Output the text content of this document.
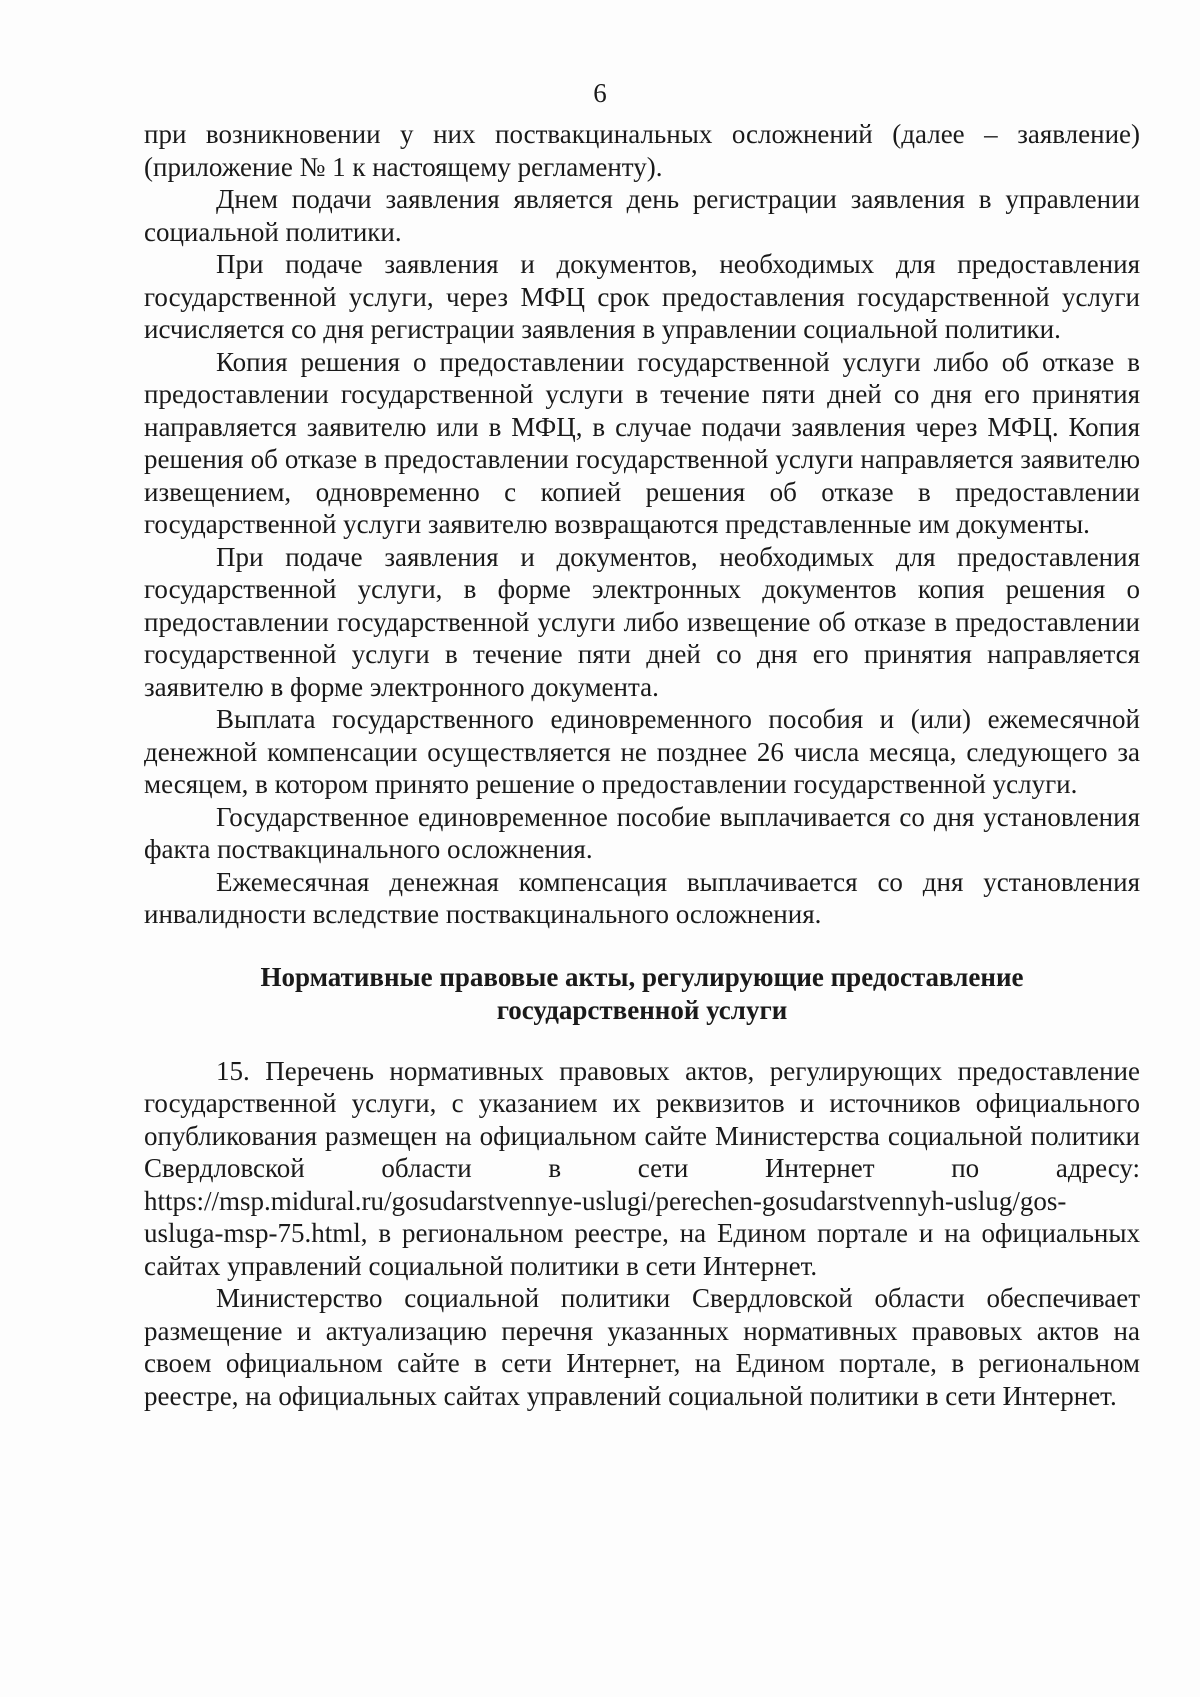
6

при возникновении у них поствакцинальных осложнений (далее – заявление) (приложение № 1 к настоящему регламенту).

Днем подачи заявления является день регистрации заявления в управлении социальной политики.

При подаче заявления и документов, необходимых для предоставления государственной услуги, через МФЦ срок предоставления государственной услуги исчисляется со дня регистрации заявления в управлении социальной политики.

Копия решения о предоставлении государственной услуги либо об отказе в предоставлении государственной услуги в течение пяти дней со дня его принятия направляется заявителю или в МФЦ, в случае подачи заявления через МФЦ. Копия решения об отказе в предоставлении государственной услуги направляется заявителю извещением, одновременно с копией решения об отказе в предоставлении государственной услуги заявителю возвращаются представленные им документы.

При подаче заявления и документов, необходимых для предоставления государственной услуги, в форме электронных документов копия решения о предоставлении государственной услуги либо извещение об отказе в предоставлении государственной услуги в течение пяти дней со дня его принятия направляется заявителю в форме электронного документа.

Выплата государственного единовременного пособия и (или) ежемесячной денежной компенсации осуществляется не позднее 26 числа месяца, следующего за месяцем, в котором принято решение о предоставлении государственной услуги.

Государственное единовременное пособие выплачивается со дня установления факта поствакцинального осложнения.

Ежемесячная денежная компенсация выплачивается со дня установления инвалидности вследствие поствакцинального осложнения.

Нормативные правовые акты, регулирующие предоставление
государственной услуги

15. Перечень нормативных правовых актов, регулирующих предоставление государственной услуги, с указанием их реквизитов и источников официального опубликования размещен на официальном сайте Министерства социальной политики Свердловской области в сети Интернет по адресу: https://msp.midural.ru/gosudarstvennye-uslugi/perechen-gosudarstvennyh-uslug/gos-usluga-msp-75.html, в региональном реестре, на Едином портале и на официальных сайтах управлений социальной политики в сети Интернет.

Министерство социальной политики Свердловской области обеспечивает размещение и актуализацию перечня указанных нормативных правовых актов на своем официальном сайте в сети Интернет, на Едином портале, в региональном реестре, на официальных сайтах управлений социальной политики в сети Интернет.
